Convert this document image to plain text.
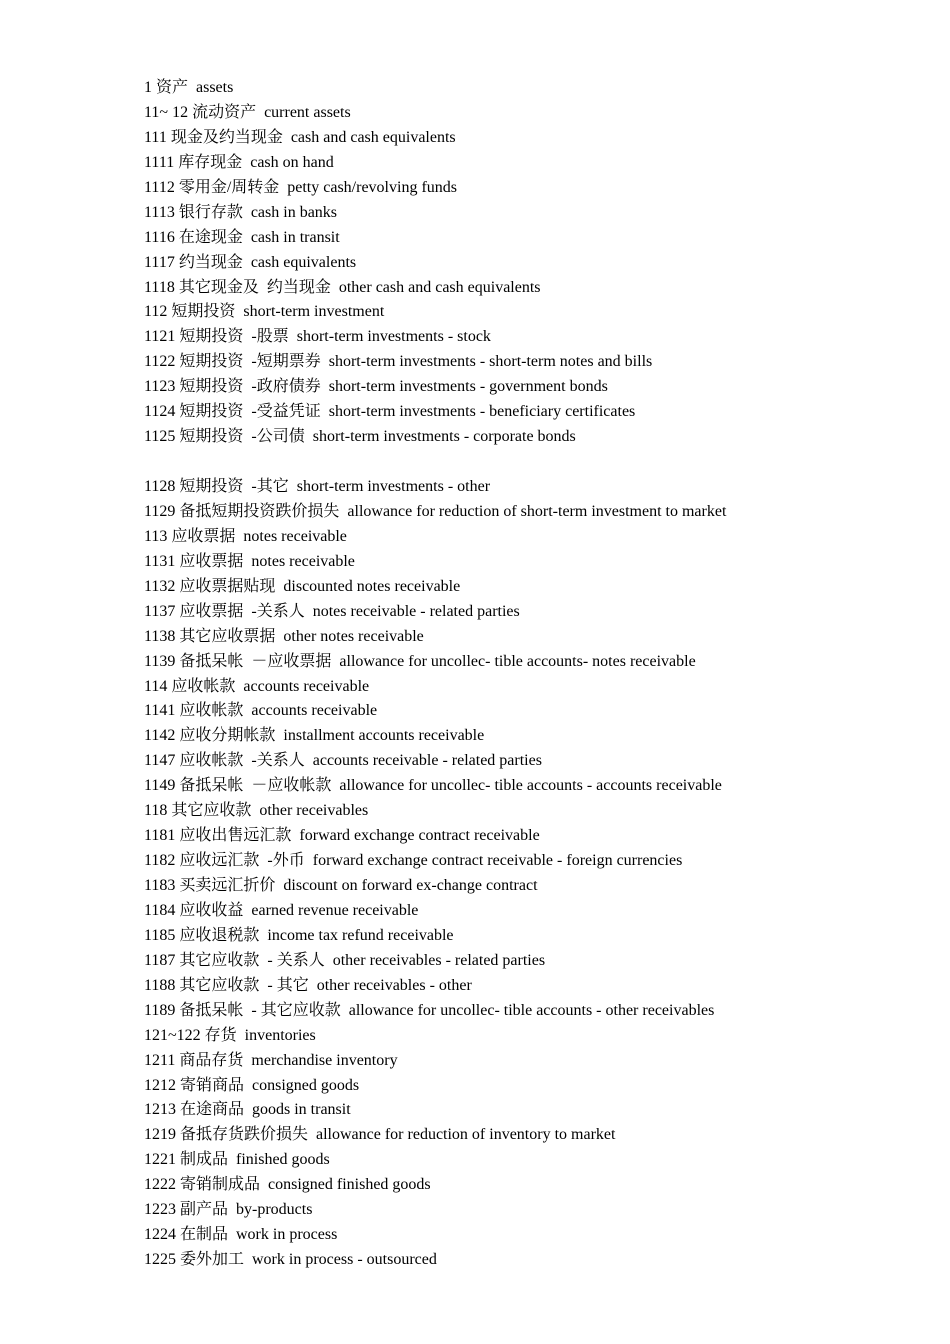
1 资产  assets
11~ 12 流动资产  current assets
111 现金及约当现金  cash and cash equivalents
1111 库存现金  cash on hand
1112 零用金/周转金  petty cash/revolving funds
1113 银行存款  cash in banks
1116 在途现金  cash in transit
1117 约当现金  cash equivalents
1118 其它现金及  约当现金  other cash and cash equivalents
112 短期投资  short-term investment
1121 短期投资  -股票  short-term investments - stock
1122 短期投资  -短期票券  short-term investments - short-term notes and bills
1123 短期投资  -政府债券  short-term investments - government bonds
1124 短期投资  -受益凭证  short-term investments - beneficiary certificates
1125 短期投资  -公司债  short-term investments - corporate bonds
1128 短期投资  -其它  short-term investments - other
1129 备抵短期投资跌价损失  allowance for reduction of short-term investment to market
113 应收票据  notes receivable
1131 应收票据  notes receivable
1132 应收票据贴现  discounted notes receivable
1137 应收票据  -关系人  notes receivable - related parties
1138 其它应收票据  other notes receivable
1139 备抵呆帐  －应收票据  allowance for uncollec- tible accounts- notes receivable
114 应收帐款  accounts receivable
1141 应收帐款  accounts receivable
1142 应收分期帐款  installment accounts receivable
1147 应收帐款  -关系人  accounts receivable - related parties
1149 备抵呆帐  －应收帐款  allowance for uncollec- tible accounts - accounts receivable
118 其它应收款  other receivables
1181 应收出售远汇款  forward exchange contract receivable
1182 应收远汇款  -外币  forward exchange contract receivable - foreign currencies
1183 买卖远汇折价  discount on forward ex-change contract
1184 应收收益  earned revenue receivable
1185 应收退税款  income tax refund receivable
1187 其它应收款  - 关系人  other receivables - related parties
1188 其它应收款  - 其它  other receivables - other
1189 备抵呆帐  - 其它应收款  allowance for uncollec- tible accounts - other receivables
121~122 存货  inventories
1211 商品存货  merchandise inventory
1212 寄销商品  consigned goods
1213 在途商品  goods in transit
1219 备抵存货跌价损失  allowance for reduction of inventory to market
1221 制成品  finished goods
1222 寄销制成品  consigned finished goods
1223 副产品  by-products
1224 在制品  work in process
1225 委外加工  work in process - outsourced
